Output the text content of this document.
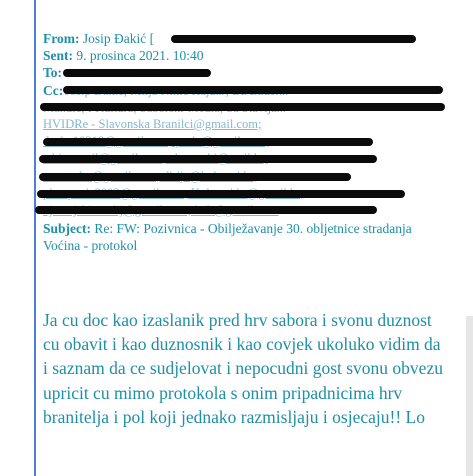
From: Josip Đakić [
Sent: 9. prosinca 2021. 10:40
To:
Cc:
HVIDRe - Slavonska Branilci@gmail.com;
Subject: Re: FW: Pozivnica - Obilježavanje 30. obljetnice stradanja Voćina - protokol
Ja cu doc kao izaslanik pred hrv sabora i svonu duznost cu obavit i kao duznosnik i kao covjek ukoluko vidim da i saznam da ce sudjelovat i nepocudni gost svonu obvezu upricit cu mimo protokola s onim pripadnicima hrv branitelja i pol koji jednako razmisljaju i osjecaju!! Lo
